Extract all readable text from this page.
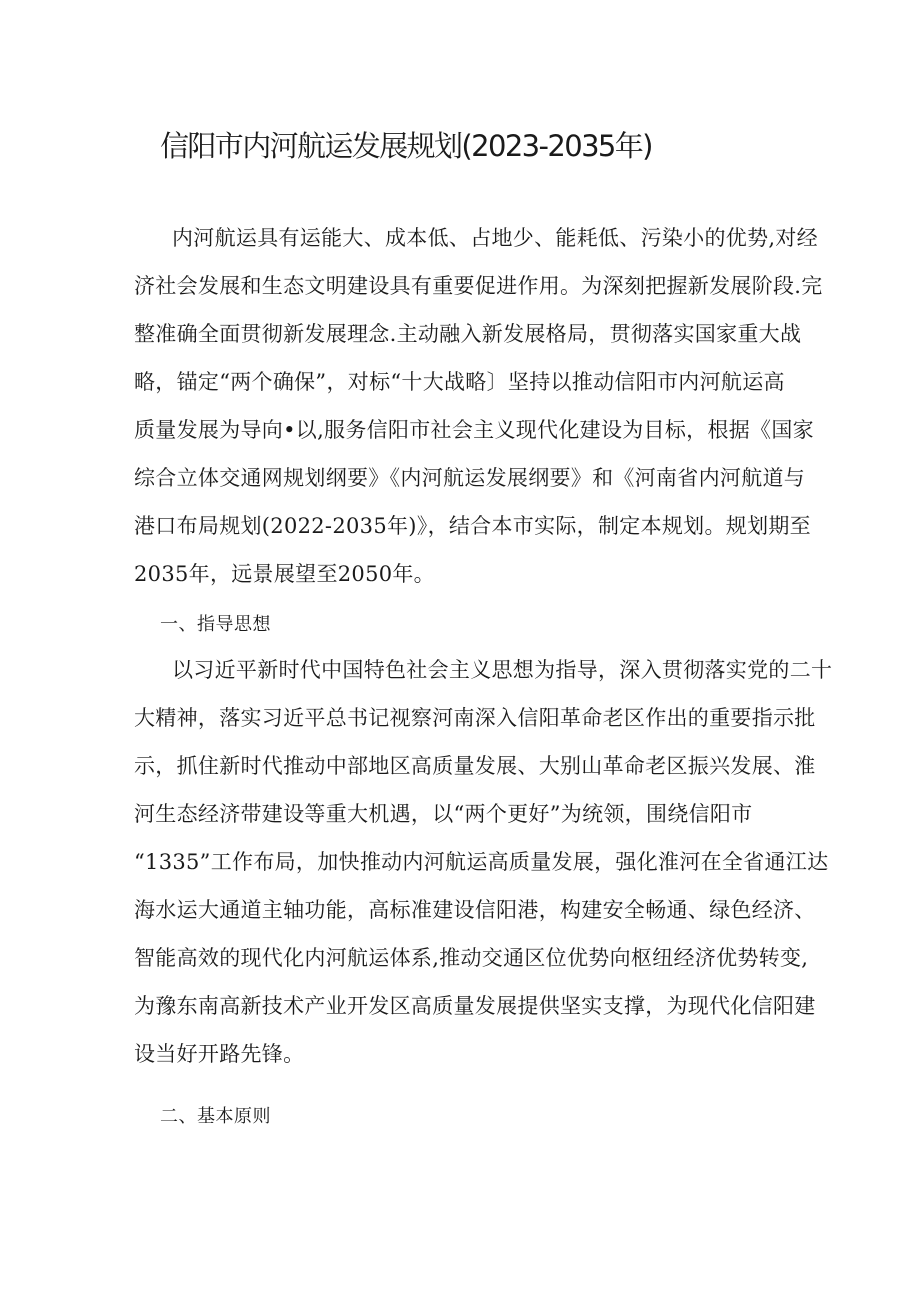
信阳市内河航运发展规划(2023-2035年)
内河航运具有运能大、成本低、占地少、能耗低、污染小的优势,对经
济社会发展和生态文明建设具有重要促进作用。为深刻把握新发展阶段.完
整准确全面贯彻新发展理念.主动融入新发展格局，贯彻落实国家重大战
略，锚定“两个确保”，对标“十大战略〕坚持以推动信阳市内河航运高
质量发展为导向•以,服务信阳市社会主义现代化建设为目标，根据《国家
综合立体交通网规划纲要》《内河航运发展纲要》和《河南省内河航道与
港口布局规划(2022-2035年)》，结合本市实际，制定本规划。规划期至
2035年，远景展望至2050年。
一、指导思想
以习近平新时代中国特色社会主义思想为指导，深入贯彻落实党的二十
大精神，落实习近平总书记视察河南深入信阳革命老区作出的重要指示批
示，抓住新时代推动中部地区高质量发展、大别山革命老区振兴发展、淮
河生态经济带建设等重大机遇，以“两个更好”为统领，围绕信阳市
“1335”工作布局，加快推动内河航运高质量发展，强化淮河在全省通江达
海水运大通道主轴功能，高标准建设信阳港，构建安全畅通、绿色经济、
智能高效的现代化内河航运体系,推动交通区位优势向枢纽经济优势转变,
为豫东南高新技术产业开发区高质量发展提供坚实支撑，为现代化信阳建
设当好开路先锋。
二、基本原则
